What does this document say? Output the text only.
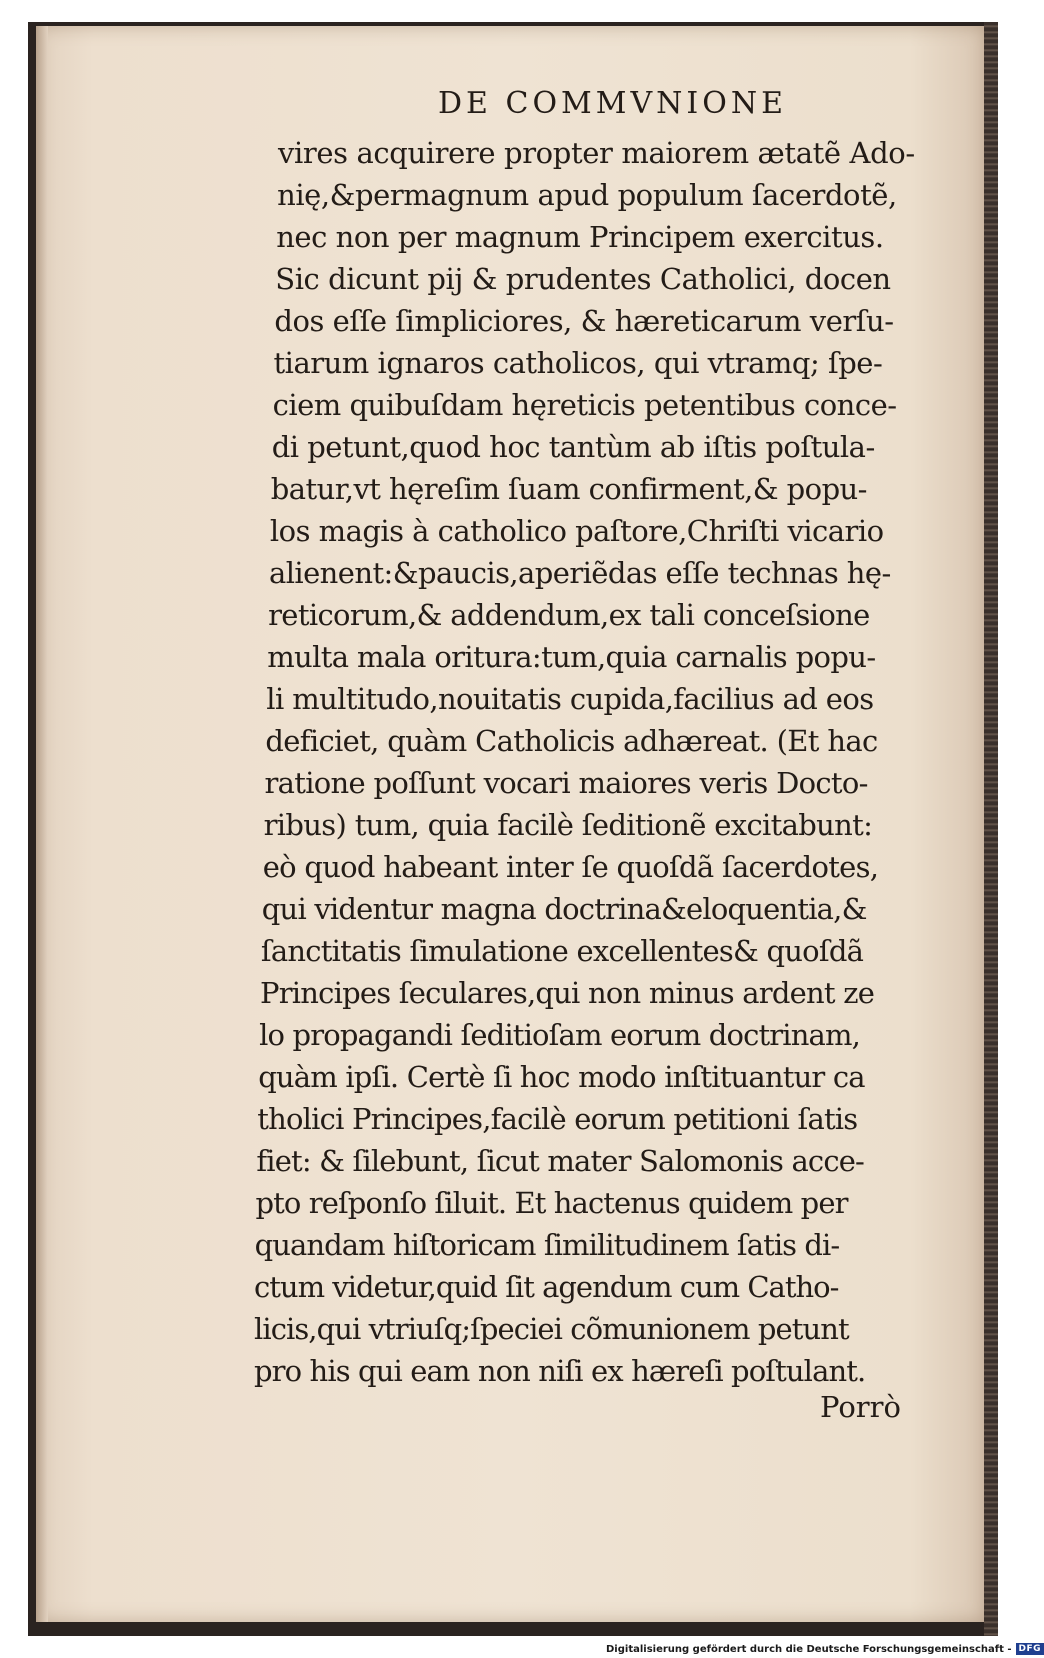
DE COMMVNIONE
vires acquirere propter maiorem ætatẽ Ado-
nię,&permagnum apud populum ſacerdotẽ,
nec non per magnum Principem exercitus.
Sic dicunt pij & prudentes Catholici, docen
dos eſſe ſimpliciores, & hæreticarum verſu-
tiarum ignaros catholicos, qui vtramq; ſpe-
ciem quibuſdam hęreticis petentibus conce-
di petunt,quod hoc tantùm ab iſtis poſtula-
batur,vt hęreſim ſuam confirment,& popu-
los magis à catholico paſtore,Chriſti vicario
alienent:&paucis,aperiẽdas eſſe technas hę-
reticorum,& addendum,ex tali conceſsione
multa mala oritura:tum,quia carnalis popu-
li multitudo,nouitatis cupida,facilius ad eos
deficiet, quàm Catholicis adhæreat. (Et hac
ratione poſſunt vocari maiores veris Docto-
ribus) tum, quia facilè ſeditionẽ excitabunt:
eò quod habeant inter ſe quoſdã ſacerdotes,
qui videntur magna doctrina&eloquentia,&
ſanctitatis ſimulatione excellentes& quoſdã
Principes ſeculares,qui non minus ardent ze
lo propagandi ſeditioſam eorum doctrinam,
quàm ipſi. Certè ſi hoc modo inſtituantur ca
tholici Principes,facilè eorum petitioni ſatis
fiet: & ſilebunt, ſicut mater Salomonis acce-
pto reſponſo ſiluit. Et hactenus quidem per
quandam hiſtoricam ſimilitudinem ſatis di-
ctum videtur,quid ſit agendum cum Catho-
licis,qui vtriuſq;ſpeciei cõmunionem petunt
pro his qui eam non niſi ex hæreſi poſtulant.
Porrò
Digitalisierung gefördert durch die Deutsche Forschungsgemeinschaft - DFG
